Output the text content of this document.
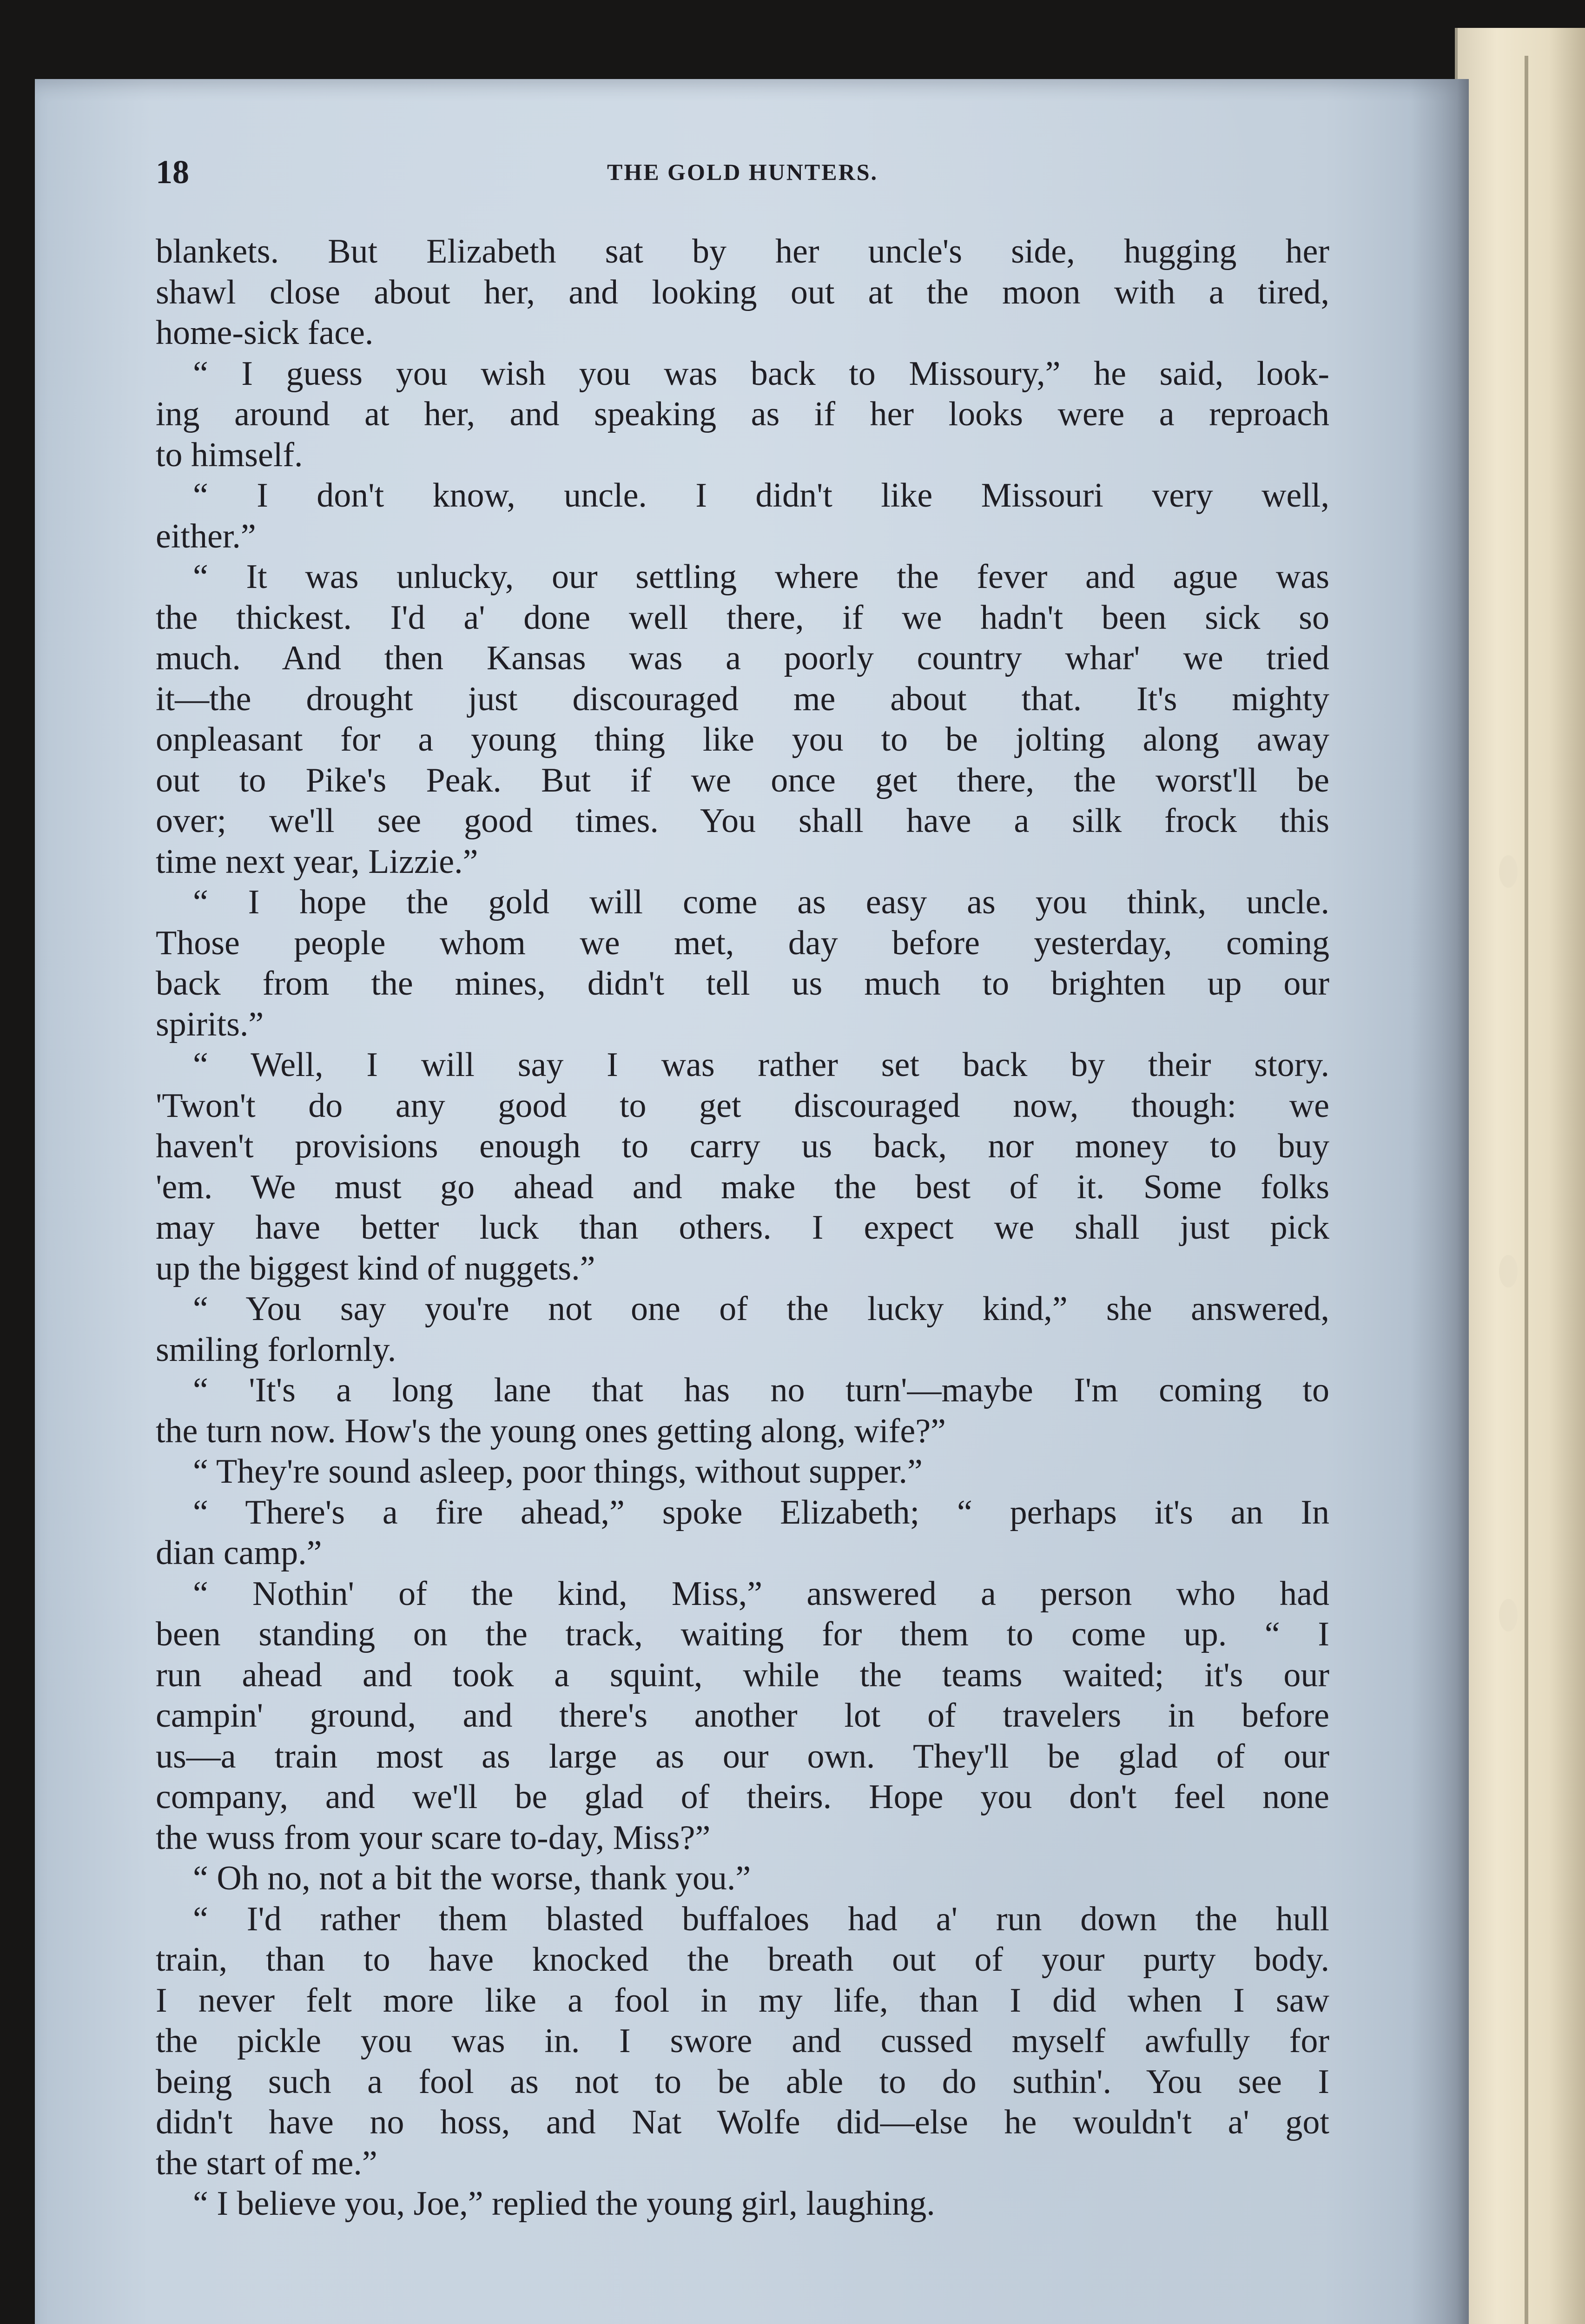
THE GOLD HUNTERS.
18
blankets. But Elizabeth sat by her uncle's side, hugging her
shawl close about her, and looking out at the moon with a tired,
home-sick face.
“ I guess you wish you was back to Missoury,” he said, look-
ing around at her, and speaking as if her looks were a reproach
to himself.
“ I don't know, uncle. I didn't like Missouri very well,
either.”
“ It was unlucky, our settling where the fever and ague was
the thickest. I'd a' done well there, if we hadn't been sick so
much. And then Kansas was a poorly country whar' we tried
it—the drought just discouraged me about that. It's mighty
onpleasant for a young thing like you to be jolting along away
out to Pike's Peak. But if we once get there, the worst'll be
over; we'll see good times. You shall have a silk frock this
time next year, Lizzie.”
“ I hope the gold will come as easy as you think, uncle.
Those people whom we met, day before yesterday, coming
back from the mines, didn't tell us much to brighten up our
spirits.”
“ Well, I will say I was rather set back by their story.
'Twon't do any good to get discouraged now, though: we
haven't provisions enough to carry us back, nor money to buy
'em. We must go ahead and make the best of it. Some folks
may have better luck than others. I expect we shall just pick
up the biggest kind of nuggets.”
“ You say you're not one of the lucky kind,” she answered,
smiling forlornly.
“ 'It's a long lane that has no turn'—maybe I'm coming to
the turn now. How's the young ones getting along, wife?”
“ They're sound asleep, poor things, without supper.”
“ There's a fire ahead,” spoke Elizabeth; “ perhaps it's an In
dian camp.”
“ Nothin' of the kind, Miss,” answered a person who had
been standing on the track, waiting for them to come up. “ I
run ahead and took a squint, while the teams waited; it's our
campin' ground, and there's another lot of travelers in before
us—a train most as large as our own. They'll be glad of our
company, and we'll be glad of theirs. Hope you don't feel none
the wuss from your scare to-day, Miss?”
“ Oh no, not a bit the worse, thank you.”
“ I'd rather them blasted buffaloes had a' run down the hull
train, than to have knocked the breath out of your purty body.
I never felt more like a fool in my life, than I did when I saw
the pickle you was in. I swore and cussed myself awfully for
being such a fool as not to be able to do suthin'. You see I
didn't have no hoss, and Nat Wolfe did—else he wouldn't a' got
the start of me.”
“ I believe you, Joe,” replied the young girl, laughing.
